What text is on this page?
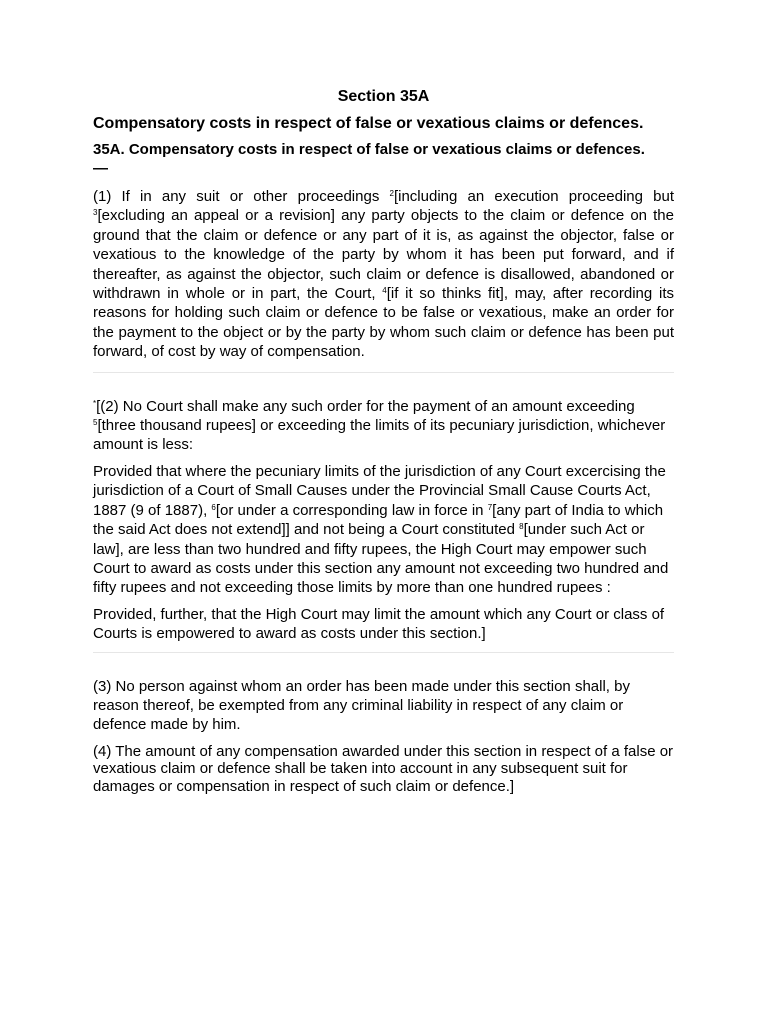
Section 35A
Compensatory costs in respect of false or vexatious claims or defences.
35A. Compensatory costs in respect of false or vexatious claims or defences.
—

(1) If in any suit or other proceedings $^2$[including an execution proceeding but $^3$[excluding an appeal or a revision] any party objects to the claim or defence on the ground that the claim or defence or any part of it is, as against the objector, false or vexatious to the knowledge of the party by whom it has been put forward, and if thereafter, as against the objector, such claim or defence is disallowed, abandoned or withdrawn in whole or in part, the Court, $^4$[if it so thinks fit], may, after recording its reasons for holding such claim or defence to be false or vexatious, make an order for the payment to the object or by the party by whom such claim or defence has been put forward, of cost by way of compensation.

*[(2) No Court shall make any such order for the payment of an amount exceeding $^5$[three thousand rupees] or exceeding the limits of its pecuniary jurisdiction, whichever amount is less:

Provided that where the pecuniary limits of the jurisdiction of any Court excercising the jurisdiction of a Court of Small Causes under the Provincial Small Cause Courts Act, 1887 (9 of 1887), $^6$[or under a corresponding law in force in $^7$[any part of India to which the said Act does not extend]] and not being a Court constituted $^8$[under such Act or law], are less than two hundred and fifty rupees, the High Court may empower such Court to award as costs under this section any amount not exceeding two hundred and fifty rupees and not exceeding those limits by more than one hundred rupees :

Provided, further, that the High Court may limit the amount which any Court or class of Courts is empowered to award as costs under this section.]

(3) No person against whom an order has been made under this section shall, by reason thereof, be exempted from any criminal liability in respect of any claim or defence made by him.

(4) The amount of any compensation awarded under this section in respect of a false or vexatious claim or defence shall be taken into account in any subsequent suit for damages or compensation in respect of such claim or defence.]
